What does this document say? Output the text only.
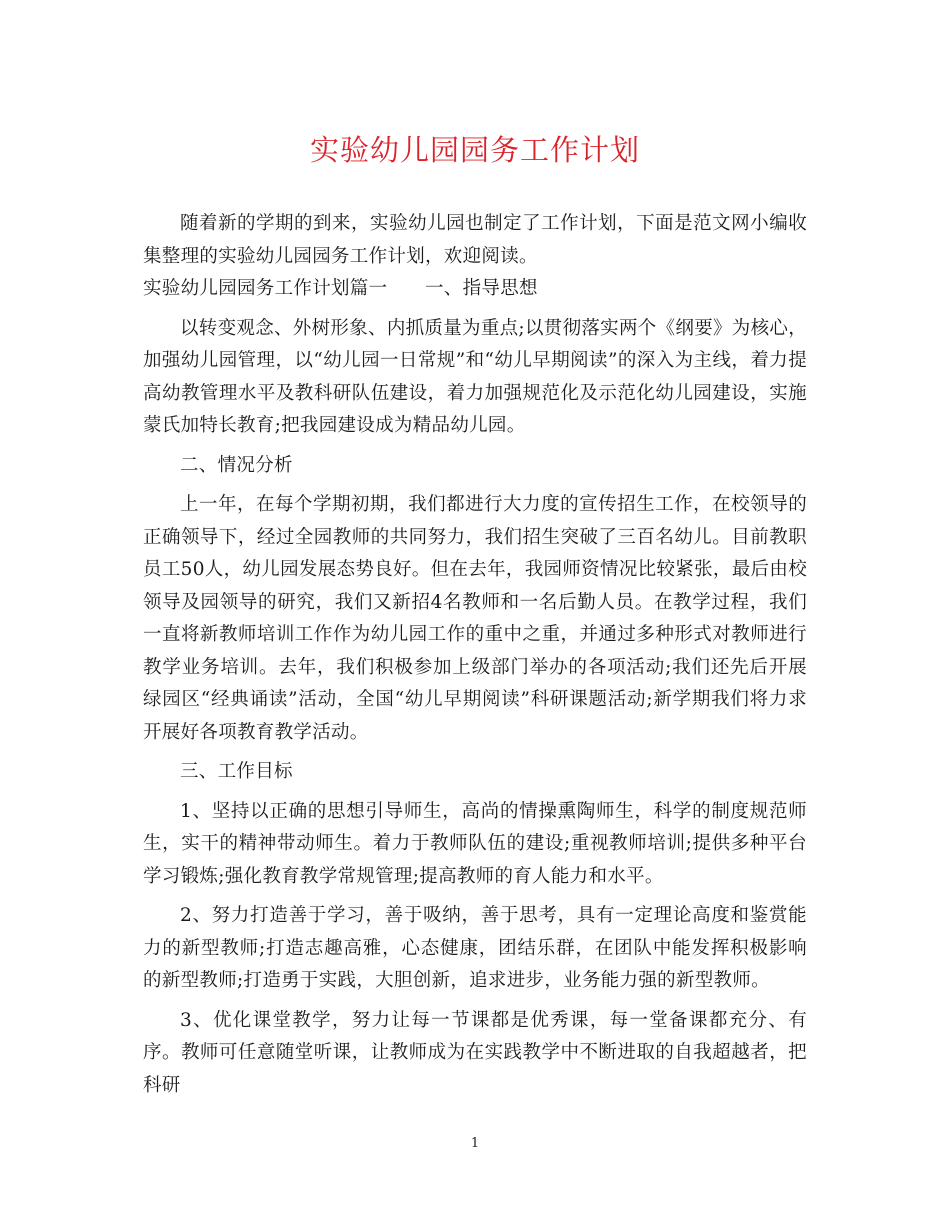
实验幼儿园园务工作计划

随着新的学期的到来，实验幼儿园也制定了工作计划，下面是范文网小编收集整理的实验幼儿园园务工作计划，欢迎阅读。

实验幼儿园园务工作计划篇一　　一、指导思想

以转变观念、外树形象、内抓质量为重点;以贯彻落实两个《纲要》为核心，加强幼儿园管理，以“幼儿园一日常规”和“幼儿早期阅读”的深入为主线，着力提高幼教管理水平及教科研队伍建设，着力加强规范化及示范化幼儿园建设，实施蒙氏加特长教育;把我园建设成为精品幼儿园。

二、情况分析

上一年，在每个学期初期，我们都进行大力度的宣传招生工作，在校领导的正确领导下，经过全园教师的共同努力，我们招生突破了三百名幼儿。目前教职员工50人，幼儿园发展态势良好。但在去年，我园师资情况比较紧张，最后由校领导及园领导的研究，我们又新招4名教师和一名后勤人员。在教学过程，我们一直将新教师培训工作作为幼儿园工作的重中之重，并通过多种形式对教师进行教学业务培训。去年，我们积极参加上级部门举办的各项活动;我们还先后开展绿园区“经典诵读”活动，全国“幼儿早期阅读”科研课题活动;新学期我们将力求开展好各项教育教学活动。

三、工作目标

1、坚持以正确的思想引导师生，高尚的情操熏陶师生，科学的制度规范师生，实干的精神带动师生。着力于教师队伍的建设;重视教师培训;提供多种平台学习锻炼;强化教育教学常规管理;提高教师的育人能力和水平。

2、努力打造善于学习，善于吸纳，善于思考，具有一定理论高度和鉴赏能力的新型教师;打造志趣高雅，心态健康，团结乐群，在团队中能发挥积极影响的新型教师;打造勇于实践，大胆创新，追求进步，业务能力强的新型教师。

3、优化课堂教学，努力让每一节课都是优秀课，每一堂备课都充分、有序。教师可任意随堂听课，让教师成为在实践教学中不断进取的自我超越者，把科研

1
